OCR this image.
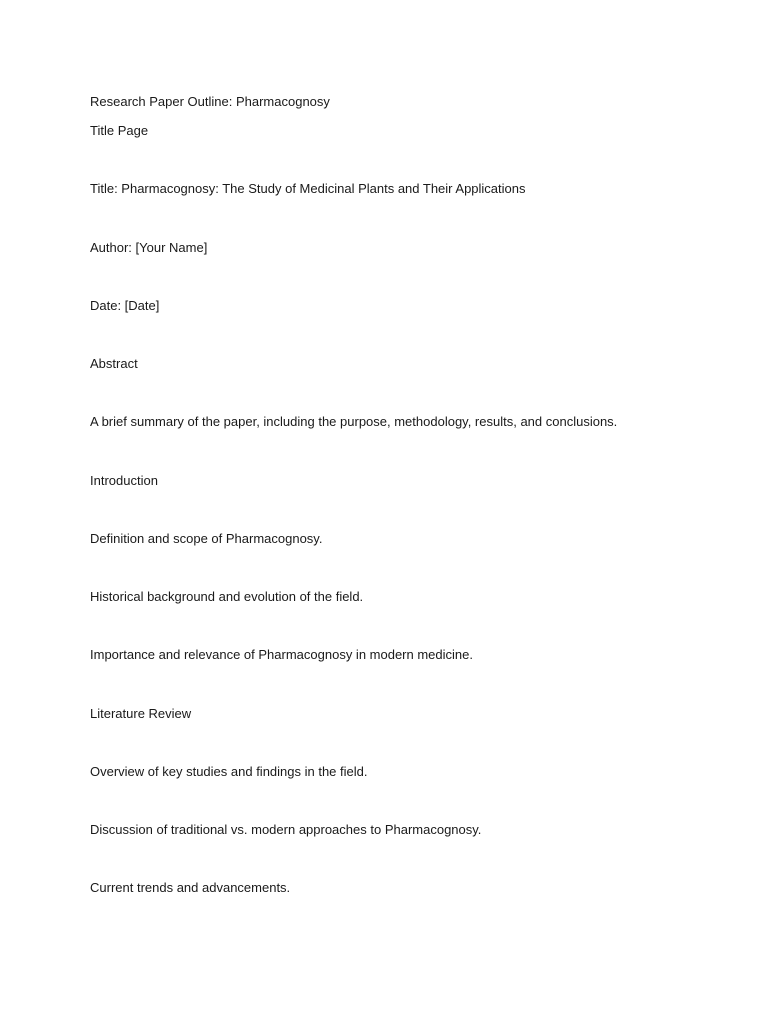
Research Paper Outline: Pharmacognosy

Title Page

Title: Pharmacognosy: The Study of Medicinal Plants and Their Applications

Author: [Your Name]

Date: [Date]

Abstract

A brief summary of the paper, including the purpose, methodology, results, and conclusions.

Introduction

Definition and scope of Pharmacognosy.

Historical background and evolution of the field.

Importance and relevance of Pharmacognosy in modern medicine.

Literature Review

Overview of key studies and findings in the field.

Discussion of traditional vs. modern approaches to Pharmacognosy.

Current trends and advancements.
